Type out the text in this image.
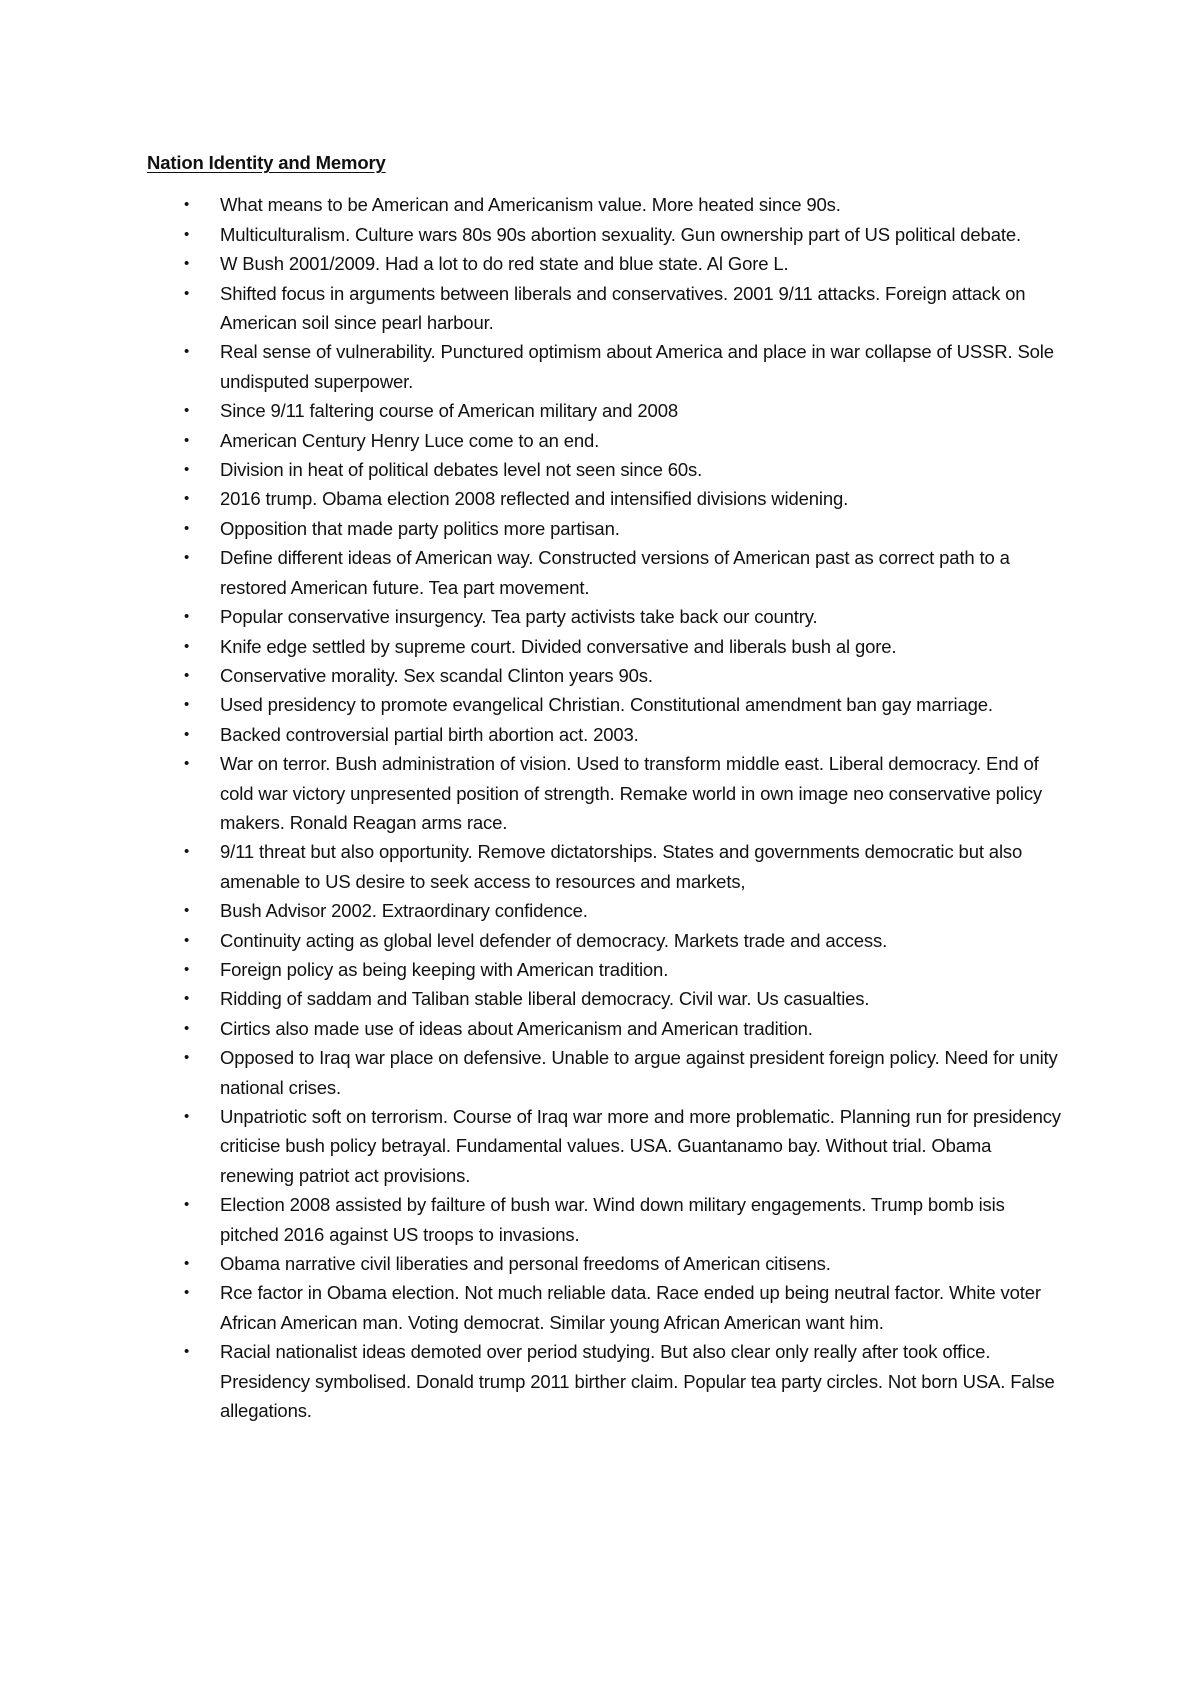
Nation Identity and Memory
• What means to be American and Americanism value. More heated since 90s.
• Multiculturalism. Culture wars 80s 90s abortion sexuality. Gun ownership part of US political debate.
• W Bush 2001/2009. Had a lot to do red state and blue state. Al Gore L.
• Shifted focus in arguments between liberals and conservatives. 2001 9/11 attacks. Foreign attack on American soil since pearl harbour.
• Real sense of vulnerability. Punctured optimism about America and place in war collapse of USSR. Sole undisputed superpower.
• Since 9/11 faltering course of American military and 2008
• American Century Henry Luce come to an end.
• Division in heat of political debates level not seen since 60s.
• 2016 trump. Obama election 2008 reflected and intensified divisions widening.
• Opposition that made party politics more partisan.
• Define different ideas of American way. Constructed versions of American past as correct path to a restored American future. Tea part movement.
• Popular conservative insurgency. Tea party activists take back our country.
• Knife edge settled by supreme court. Divided conversative and liberals bush al gore.
• Conservative morality. Sex scandal Clinton years 90s.
• Used presidency to promote evangelical Christian. Constitutional amendment ban gay marriage.
• Backed controversial partial birth abortion act. 2003.
• War on terror. Bush administration of vision. Used to transform middle east. Liberal democracy. End of cold war victory unpresented position of strength. Remake world in own image neo conservative policy makers. Ronald Reagan arms race.
• 9/11 threat but also opportunity. Remove dictatorships. States and governments democratic but also amenable to US desire to seek access to resources and markets,
• Bush Advisor 2002. Extraordinary confidence.
• Continuity acting as global level defender of democracy. Markets trade and access.
• Foreign policy as being keeping with American tradition.
• Ridding of saddam and Taliban stable liberal democracy. Civil war. Us casualties.
• Cirtics also made use of ideas about Americanism and American tradition.
• Opposed to Iraq war place on defensive. Unable to argue against president foreign policy. Need for unity national crises.
• Unpatriotic soft on terrorism. Course of Iraq war more and more problematic. Planning run for presidency criticise bush policy betrayal. Fundamental values. USA. Guantanamo bay. Without trial. Obama renewing patriot act provisions.
• Election 2008 assisted by failture of bush war. Wind down military engagements. Trump bomb isis pitched 2016 against US troops to invasions.
• Obama narrative civil liberaties and personal freedoms of American citisens.
• Rce factor in Obama election. Not much reliable data. Race ended up being neutral factor. White voter African American man. Voting democrat. Similar young African American want him.
• Racial nationalist ideas demoted over period studying. But also clear only really after took office. Presidency symbolised. Donald trump 2011 birther claim. Popular tea party circles. Not born USA. False allegations.
